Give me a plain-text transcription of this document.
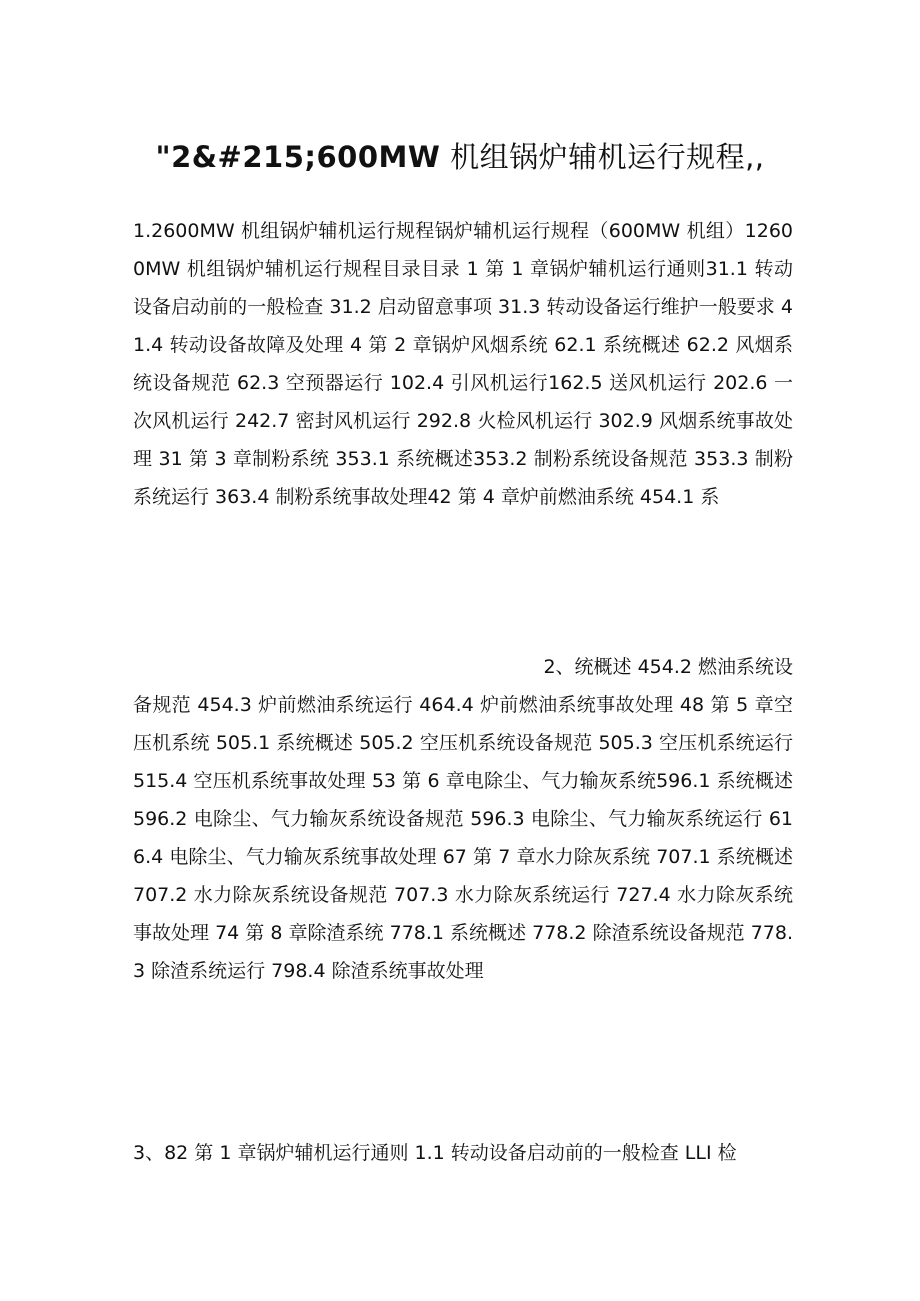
"2&#215;600MW 机组锅炉辅机运行规程,,
1.2600MW 机组锅炉辅机运行规程锅炉辅机运行规程（600MW 机组）12600MW 机组锅炉辅机运行规程目录目录 1 第 1 章锅炉辅机运行通则31.1 转动设备启动前的一般检查 31.2 启动留意事项 31.3 转动设备运行维护一般要求 41.4 转动设备故障及处理 4 第 2 章锅炉风烟系统 62.1 系统概述 62.2 风烟系统设备规范 62.3 空预器运行 102.4 引风机运行162.5 送风机运行 202.6 一次风机运行 242.7 密封风机运行 292.8 火检风机运行 302.9 风烟系统事故处理 31 第 3 章制粉系统 353.1 系统概述353.2 制粉系统设备规范 353.3 制粉系统运行 363.4 制粉系统事故处理42 第 4 章炉前燃油系统 454.1 系
2、统概述 454.2 燃油系统设
备规范 454.3 炉前燃油系统运行 464.4 炉前燃油系统事故处理 48 第 5 章空压机系统 505.1 系统概述 505.2 空压机系统设备规范 505.3 空压机系统运行 515.4 空压机系统事故处理 53 第 6 章电除尘、气力输灰系统596.1 系统概述 596.2 电除尘、气力输灰系统设备规范 596.3 电除尘、气力输灰系统运行 616.4 电除尘、气力输灰系统事故处理 67 第 7 章水力除灰系统 707.1 系统概述 707.2 水力除灰系统设备规范 707.3 水力除灰系统运行 727.4 水力除灰系统事故处理 74 第 8 章除渣系统 778.1 系统概述 778.2 除渣系统设备规范 778.3 除渣系统运行 798.4 除渣系统事故处理
3、82 第 1 章锅炉辅机运行通则 1.1 转动设备启动前的一般检查 LLI 检
